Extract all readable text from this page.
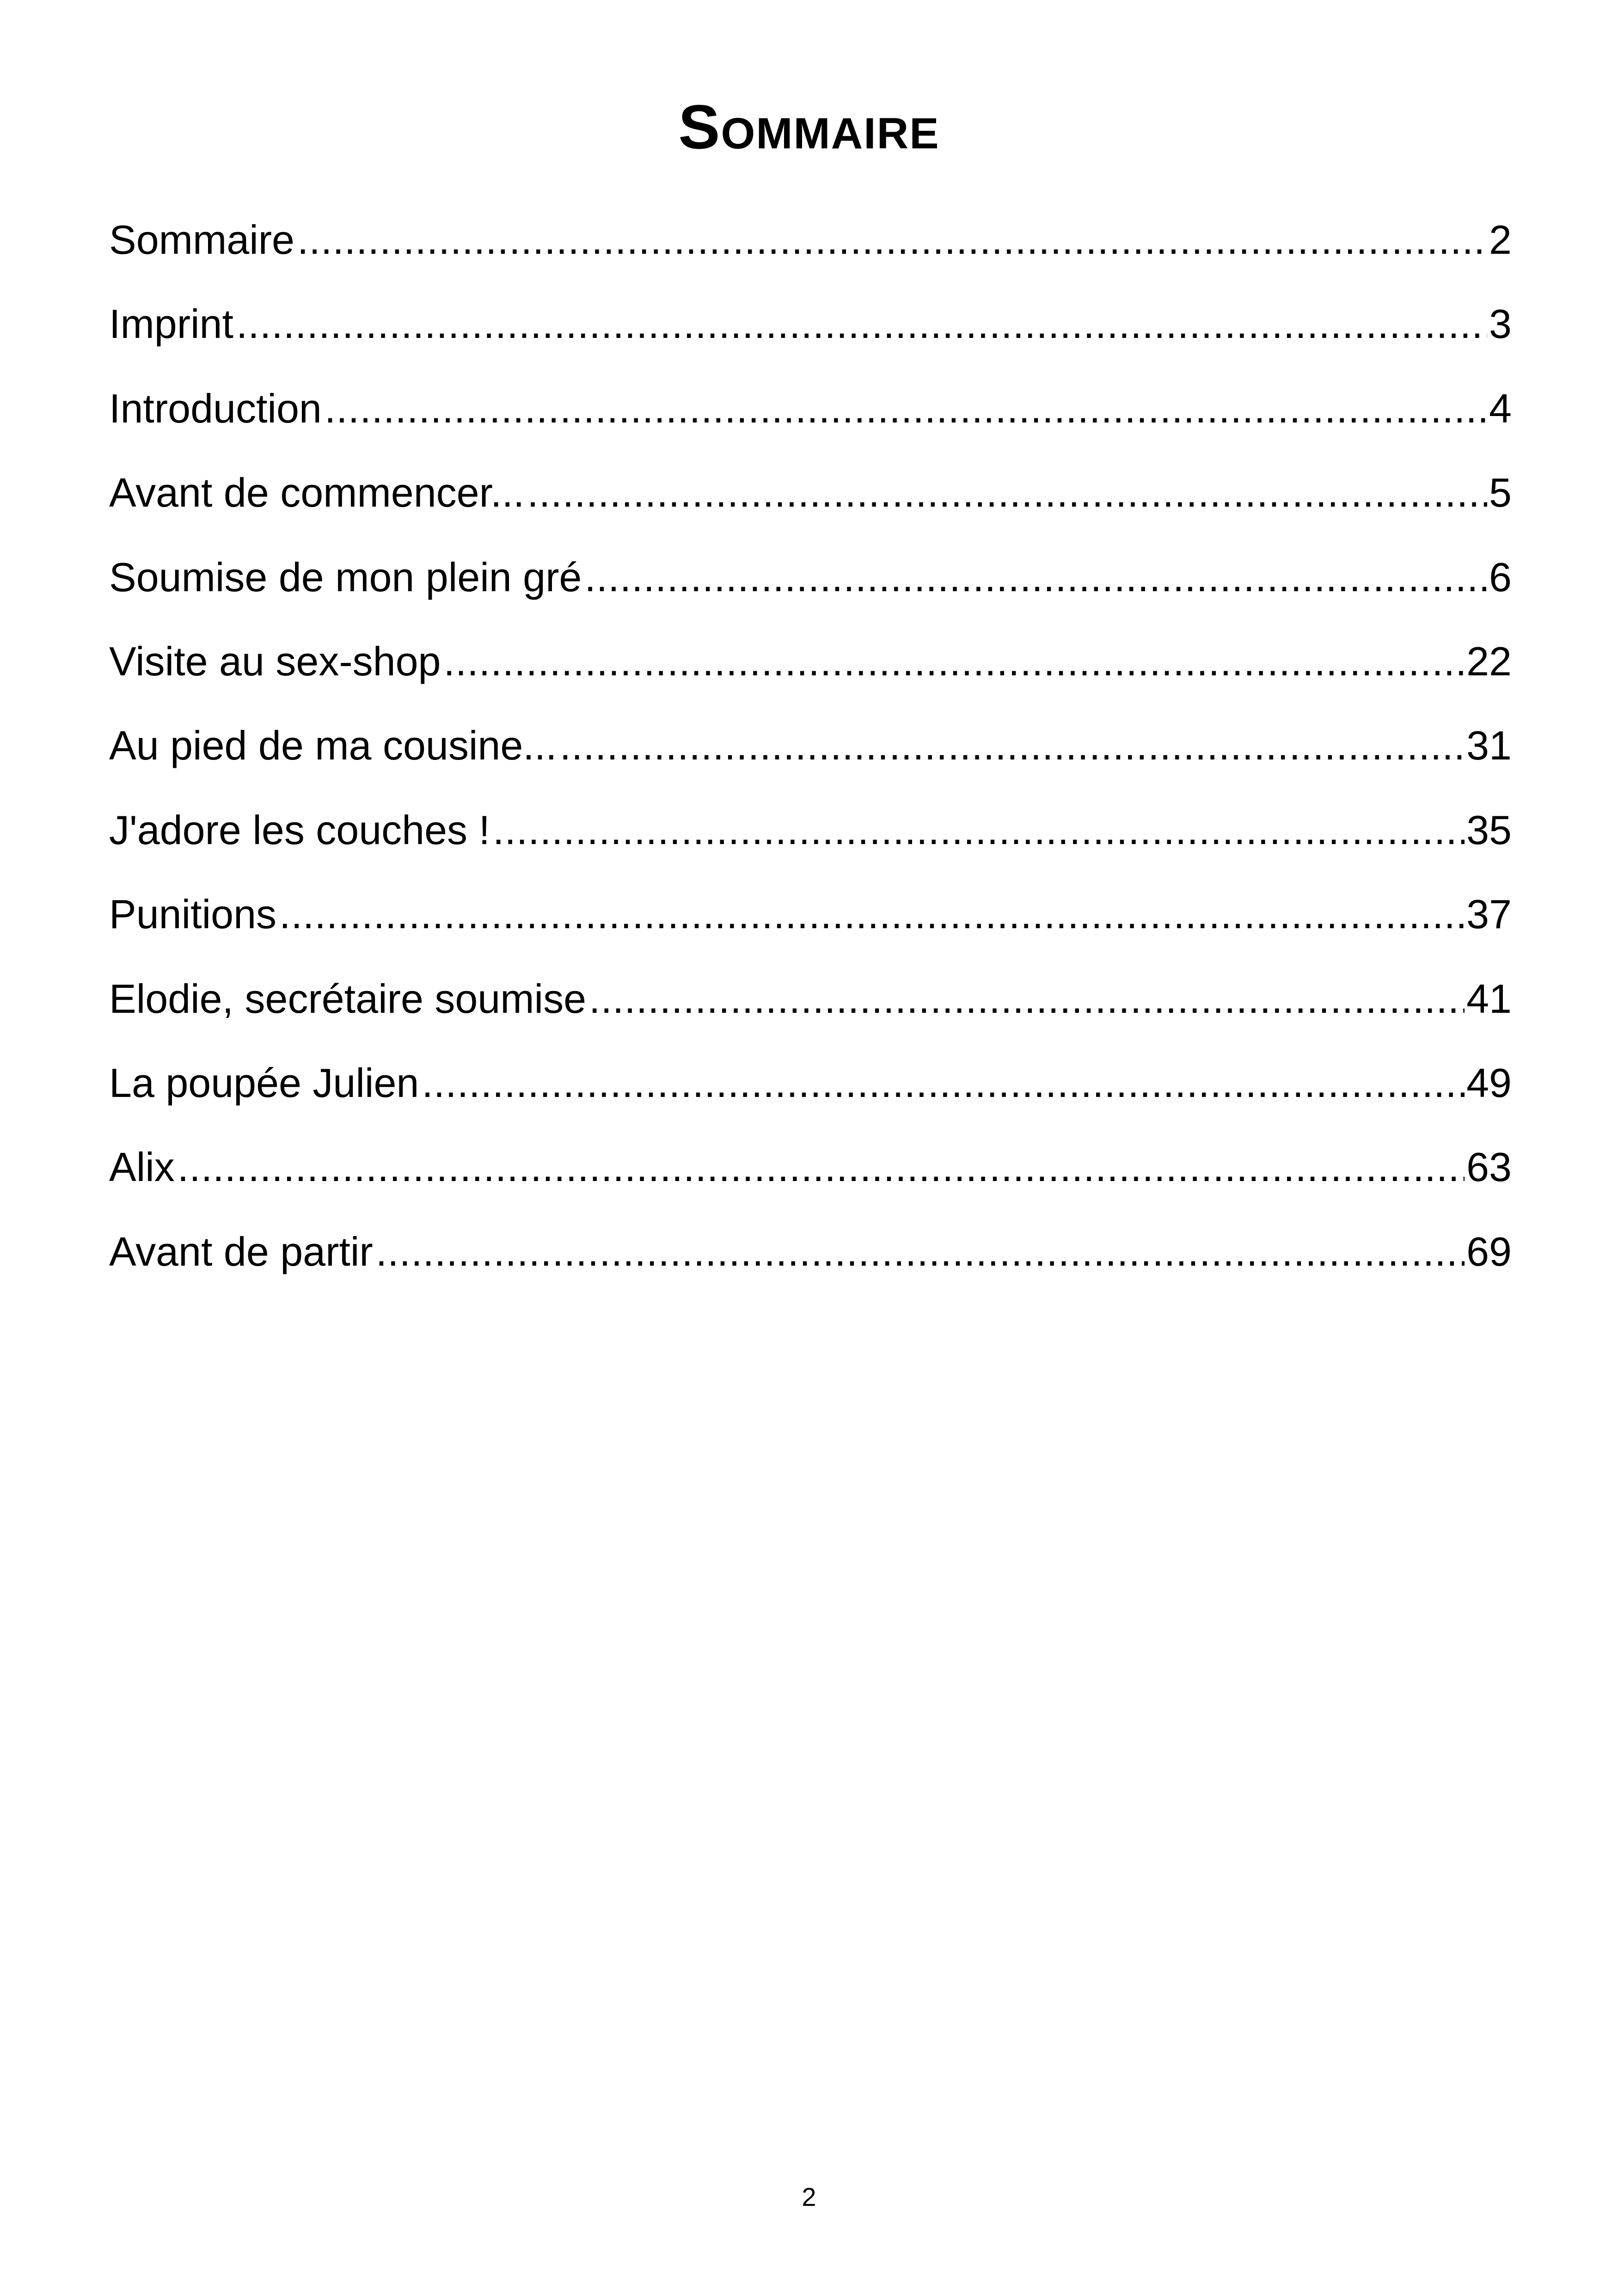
Sommaire
Sommaire .....	2
Imprint .....	3
Introduction .....	4
Avant de commencer... .....	5
Soumise de mon plein gré .....	6
Visite au sex-shop .....	22
Au pied de ma cousine... .....	31
J'adore les couches ! .....	35
Punitions .....	37
Elodie, secrétaire soumise .....	41
La poupée Julien .....	49
Alix .....	63
Avant de partir .....	69
2
